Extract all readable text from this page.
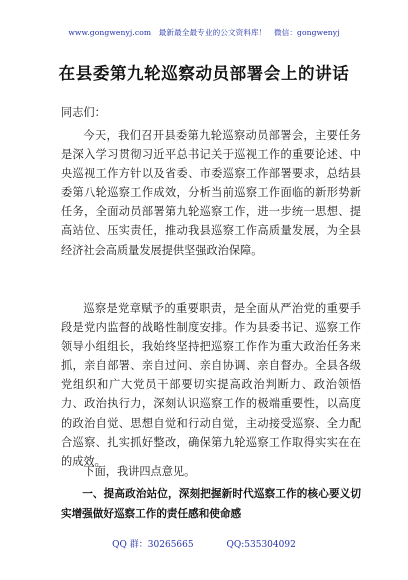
www.gongwenyj.com 最新最全最专业的公文资料库！ 微信：gongwenyj
在县委第九轮巡察动员部署会上的讲话
同志们：

今天，我们召开县委第九轮巡察动员部署会，主要任务是深入学习贯彻习近平总书记关于巡视工作的重要论述、中央巡视工作方针以及省委、市委巡察工作部署要求，总结县委第八轮巡察工作成效，分析当前巡察工作面临的新形势新任务，全面动员部署第九轮巡察工作，进一步统一思想、提高站位、压实责任，推动我县巡察工作高质量发展，为全县经济社会高质量发展提供坚强政治保障。

巡察是党章赋予的重要职责，是全面从严治党的重要手段是党内监督的战略性制度安排。作为县委书记、巡察工作领导小组组长，我始终坚持把巡察工作作为重大政治任务来抓，亲自部署、亲自过问、亲自协调、亲自督办。全县各级党组织和广大党员干部要切实提高政治判断力、政治领悟力、政治执行力，深刻认识巡察工作的极端重要性，以高度的政治自觉、思想自觉和行动自觉，主动接受巡察、全力配合巡察、扎实抓好整改，确保第九轮巡察工作取得实实在在的成效。

下面，我讲四点意见。

一、提高政治站位，深刻把握新时代巡察工作的核心要义切实增强做好巡察工作的责任感和使命感
QQ 群：30265665	QQ:535304092
